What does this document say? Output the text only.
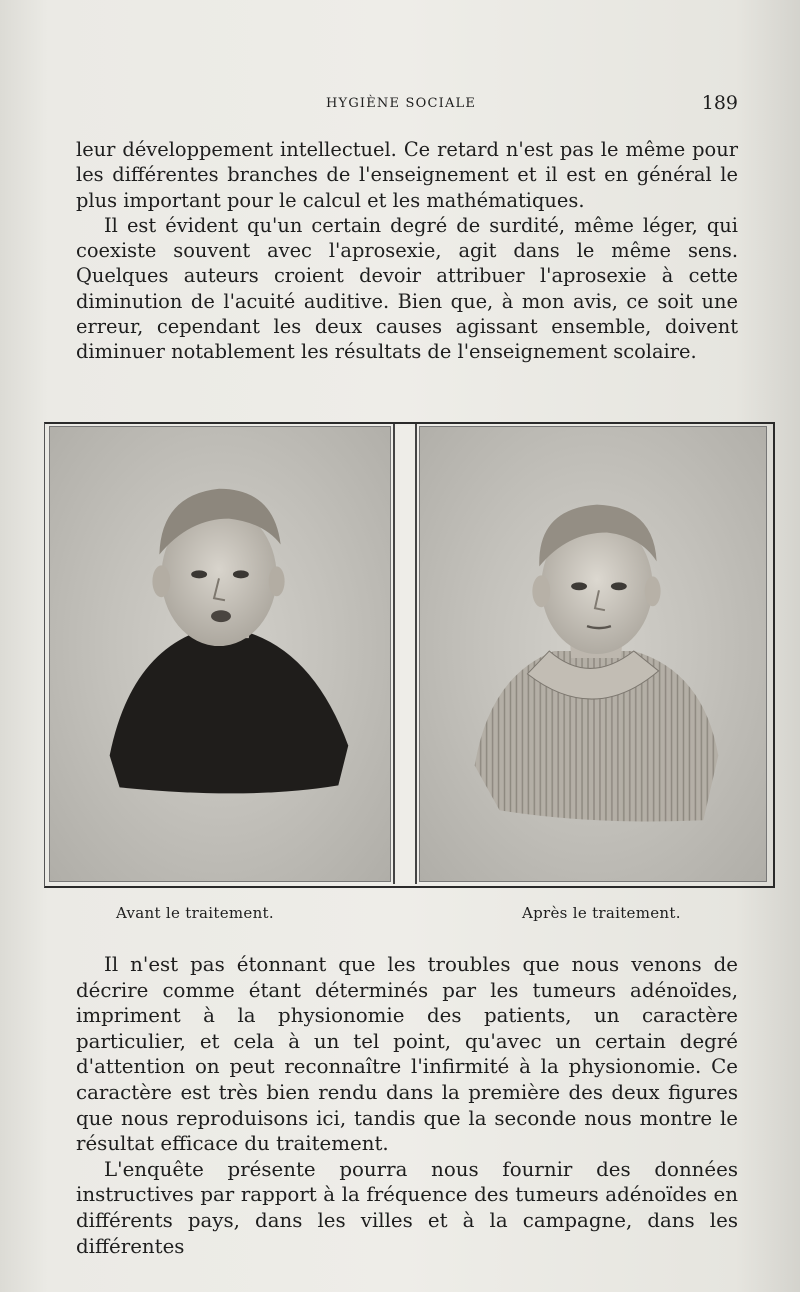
HYGIÈNE SOCIALE	189

leur développement intellectuel. Ce retard n'est pas le même pour les différentes branches de l'enseignement et il est en général le plus important pour le calcul et les mathématiques.

Il est évident qu'un certain degré de surdité, même léger, qui coexiste souvent avec l'aprosexie, agit dans le même sens. Quelques auteurs croient devoir attribuer l'aprosexie à cette diminution de l'acuité auditive. Bien que, à mon avis, ce soit une erreur, cependant les deux causes agissant ensemble, doivent diminuer notablement les résultats de l'enseignement scolaire.

Avant le traitement.	Après le traitement.

Il n'est pas étonnant que les troubles que nous venons de décrire comme étant déterminés par les tumeurs adénoïdes, impriment à la physionomie des patients, un caractère particulier, et cela à un tel point, qu'avec un certain degré d'attention on peut reconnaître l'infirmité à la physionomie. Ce caractère est très bien rendu dans la première des deux figures que nous reproduisons ici, tandis que la seconde nous montre le résultat efficace du traitement.

L'enquête présente pourra nous fournir des données instructives par rapport à la fréquence des tumeurs adénoïdes en différents pays, dans les villes et à la campagne, dans les différentes
